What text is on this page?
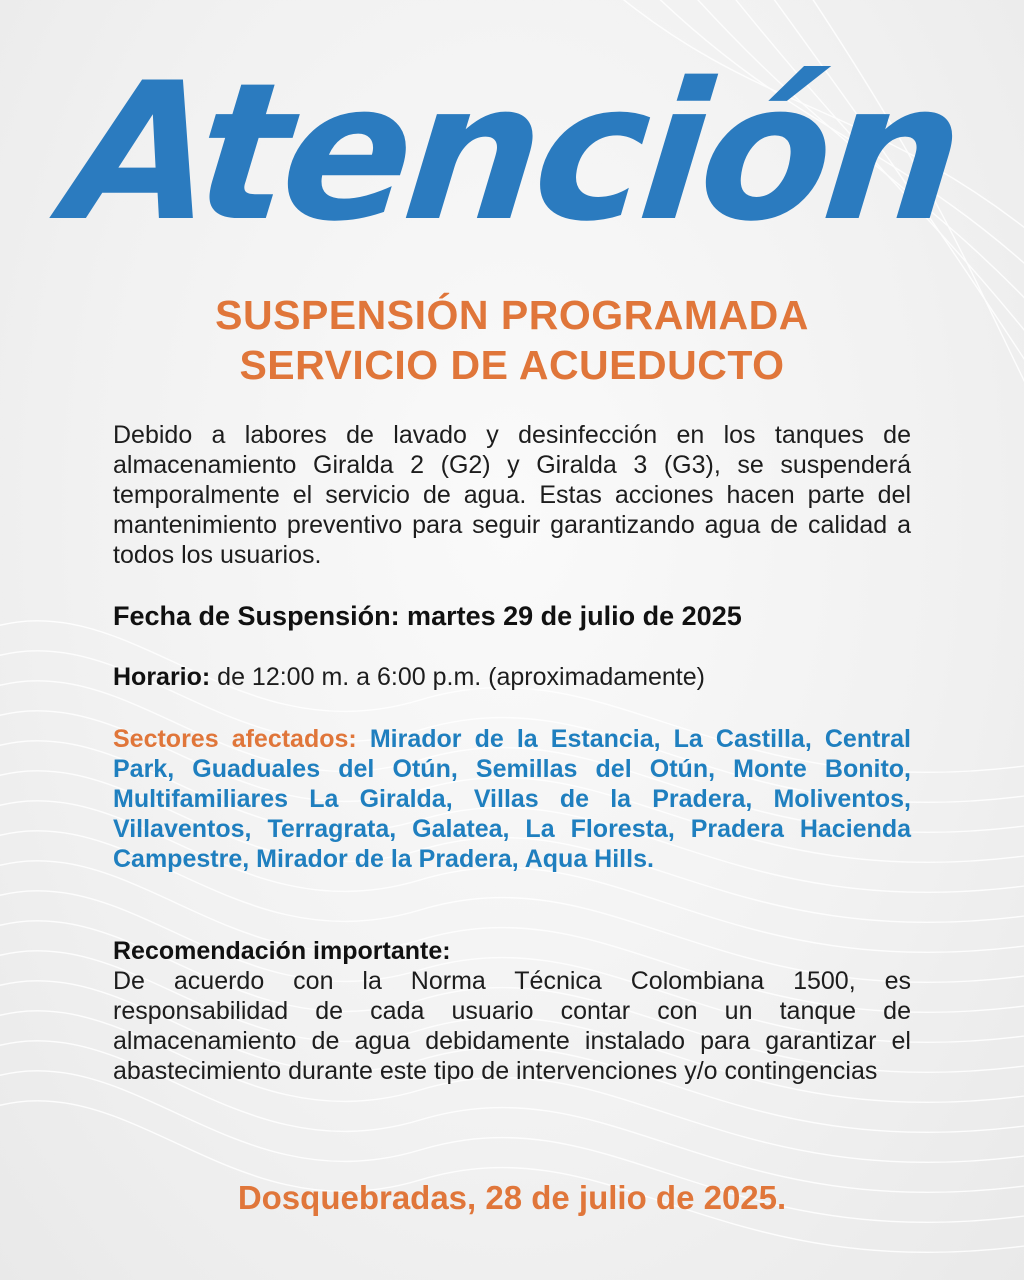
Atención
SUSPENSIÓN PROGRAMADA
SERVICIO DE ACUEDUCTO
Debido a labores de lavado y desinfección en los tanques de almacenamiento Giralda 2 (G2) y Giralda 3 (G3), se suspenderá temporalmente el servicio de agua. Estas acciones hacen parte del mantenimiento preventivo para seguir garantizando agua de calidad a todos los usuarios.
Fecha de Suspensión: martes 29 de julio de 2025
Horario: de 12:00 m. a 6:00 p.m. (aproximadamente)
Sectores afectados: Mirador de la Estancia, La Castilla, Central Park, Guaduales del Otún, Semillas del Otún, Monte Bonito, Multifamiliares La Giralda, Villas de la Pradera, Moliventos, Villaventos, Terragrata, Galatea, La Floresta, Pradera Hacienda Campestre, Mirador de la Pradera, Aqua Hills.
Recomendación importante:
De acuerdo con la Norma Técnica Colombiana 1500, es responsabilidad de cada usuario contar con un tanque de almacenamiento de agua debidamente instalado para garantizar el abastecimiento durante este tipo de intervenciones y/o contingencias
Dosquebradas, 28 de julio de 2025.
